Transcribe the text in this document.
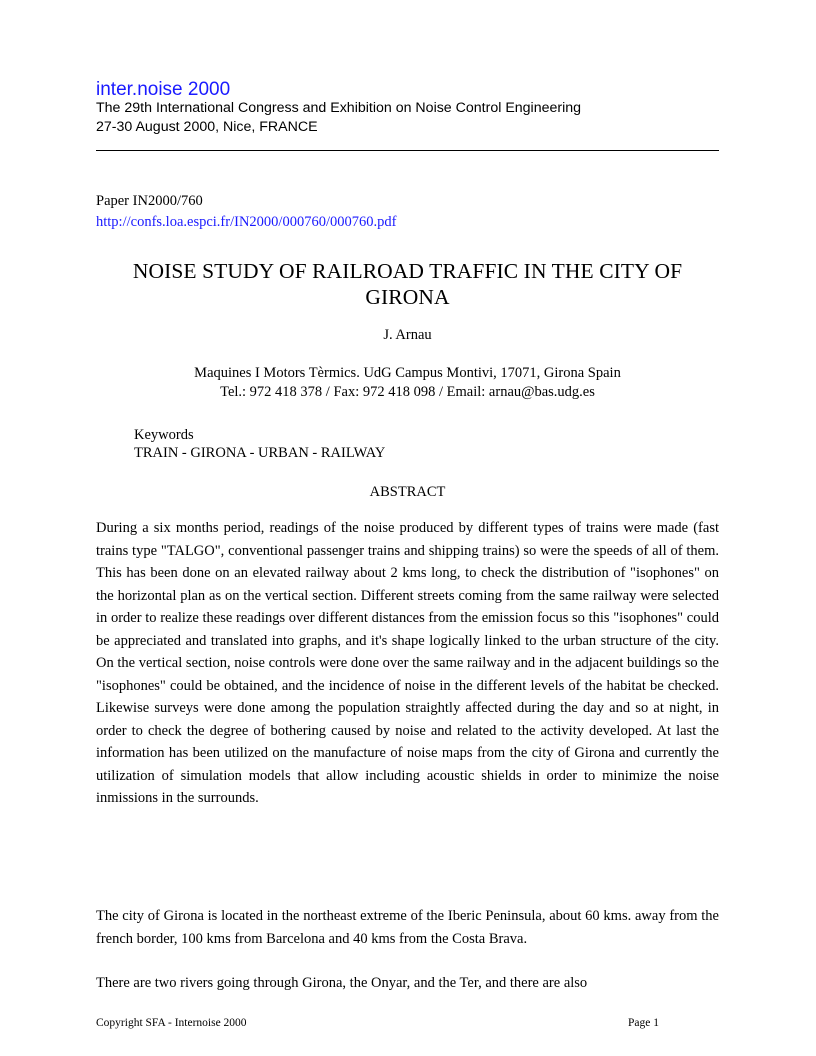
inter.noise 2000
The 29th International Congress and Exhibition on Noise Control Engineering
27-30 August 2000, Nice, FRANCE
Paper IN2000/760
http://confs.loa.espci.fr/IN2000/000760/000760.pdf
NOISE STUDY OF RAILROAD TRAFFIC IN THE CITY OF GIRONA
J. Arnau
Maquines I Motors Tèrmics. UdG Campus Montivi, 17071, Girona Spain
Tel.: 972 418 378 / Fax: 972 418 098 / Email: arnau@bas.udg.es
Keywords
TRAIN - GIRONA - URBAN - RAILWAY
ABSTRACT

During a six months period, readings of the noise produced by different types of trains were made (fast trains type "TALGO", conventional passenger trains and shipping trains) so were the speeds of all of them. This has been done on an elevated railway about 2 kms long, to check the distribution of "isophones" on the horizontal plan as on the vertical section. Different streets coming from the same railway were selected in order to realize these readings over different distances from the emission focus so this "isophones" could be appreciated and translated into graphs, and it's shape logically linked to the urban structure of the city. On the vertical section, noise controls were done over the same railway and in the adjacent buildings so the "isophones" could be obtained, and the incidence of noise in the different levels of the habitat be checked. Likewise surveys were done among the population straightly affected during the day and so at night, in order to check the degree of bothering caused by noise and related to the activity developed. At last the information has been utilized on the manufacture of noise maps from the city of Girona and currently the utilization of simulation models that allow including acoustic shields in order to minimize the noise inmissions in the surrounds.

The city of Girona is located in the northeast extreme of the Iberic Peninsula, about 60 kms. away from the french border, 100 kms from Barcelona and 40 kms from the Costa Brava.

There are two rivers going through Girona, the Onyar, and the Ter, and there are also

Copyright SFA - Internoise 2000	Page 1
